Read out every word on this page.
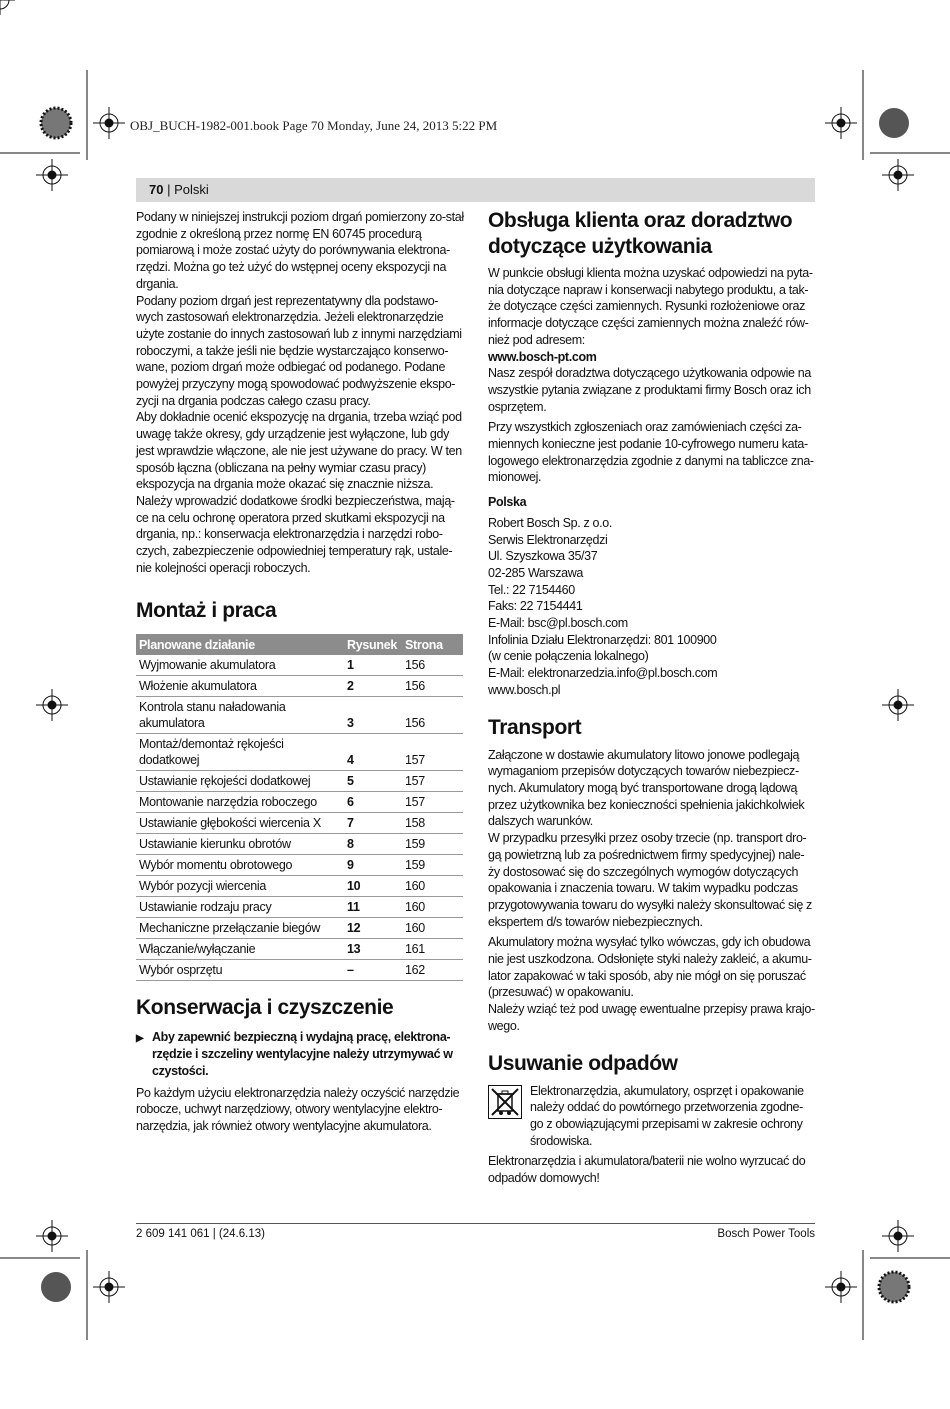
OBJ_BUCH-1982-001.book Page 70 Monday, June 24, 2013 5:22 PM
70 | Polski

Podany w niniejszej instrukcji poziom drgań pomierzony zo-stał zgodnie z określoną przez normę EN 60745 procedurą pomiarową i może zostać użyty do porównywania elektrona-rzędzi. Można go też użyć do wstępnej oceny ekspozycji na drgania.

Podany poziom drgań jest reprezentatywny dla podstawo-wych zastosowań elektronarzędzia. Jeżeli elektronarzędzie użyte zostanie do innych zastosowań lub z innymi narzędziami roboczymi, a także jeśli nie będzie wystarczająco konserwo-wane, poziom drgań może odbiegać od podanego. Podane powyżej przyczyny mogą spowodować podwyższenie ekspo-zycji na drgania podczas całego czasu pracy.

Aby dokładnie ocenić ekspozycję na drgania, trzeba wziąć pod uwagę także okresy, gdy urządzenie jest wyłączone, lub gdy jest wprawdzie włączone, ale nie jest używane do pracy. W ten sposób łączna (obliczana na pełny wymiar czasu pracy) ekspozycja na drgania może okazać się znacznie niższa.

Należy wprowadzić dodatkowe środki bezpieczeństwa, mają-ce na celu ochronę operatora przed skutkami ekspozycji na drgania, np.: konserwacja elektronarzędzia i narzędzi robo-czych, zabezpieczenie odpowiedniej temperatury rąk, ustale-nie kolejności operacji roboczych.

Montaż i praca
Planowane działanie	Rysunek	Strona
Wyjmowanie akumulatora	1	156
Włożenie akumulatora	2	156
Kontrola stanu naładowania akumulatora	3	156
Montaż/demontaż rękojeści dodatkowej	4	157
Ustawianie rękojeści dodatkowej	5	157
Montowanie narzędzia roboczego	6	157
Ustawianie głębokości wiercenia X	7	158
Ustawianie kierunku obrotów	8	159
Wybór momentu obrotowego	9	159
Wybór pozycji wiercenia	10	160
Ustawianie rodzaju pracy	11	160
Mechaniczne przełączanie biegów	12	160
Włączanie/wyłączanie	13	161
Wybór osprzętu	–	162
Konserwacja i czyszczenie
▶ Aby zapewnić bezpieczną i wydajną pracę, elektrona-rzędzie i szczeliny wentylacyjne należy utrzymywać w czystości.

Po każdym użyciu elektronarzędzia należy oczyścić narzędzie robocze, uchwyt narzędziowy, otwory wentylacyjne elektro-narzędzia, jak również otwory wentylacyjne akumulatora.

Obsługa klienta oraz doradztwo dotyczące użytkowania

W punkcie obsługi klienta można uzyskać odpowiedzi na pyta-nia dotyczące napraw i konserwacji nabytego produktu, a tak-że dotyczące części zamiennych. Rysunki rozłożeniowe oraz informacje dotyczące części zamiennych można znaleźć rów-nież pod adresem:

www.bosch-pt.com

Nasz zespół doradztwa dotyczącego użytkowania odpowie na wszystkie pytania związane z produktami firmy Bosch oraz ich osprzętem.

Przy wszystkich zgłoszeniach oraz zamówieniach części za-miennych konieczne jest podanie 10-cyfrowego numeru kata-logowego elektronarzędzia zgodnie z danymi na tabliczce zna-mionowej.

Polska
Robert Bosch Sp. z o.o.
Serwis Elektronarzędzi
Ul. Szyszkowa 35/37
02-285 Warszawa
Tel.: 22 7154460
Faks: 22 7154441
E-Mail: bsc@pl.bosch.com
Infolinia Działu Elektronarzędzi: 801 100900
(w cenie połączenia lokalnego)
E-Mail: elektronarzedzia.info@pl.bosch.com
www.bosch.pl
Transport

Załączone w dostawie akumulatory litowo jonowe podlegają wymaganiom przepisów dotyczących towarów niebezpiecz-nych. Akumulatory mogą być transportowane drogą lądową przez użytkownika bez konieczności spełnienia jakichkolwiek dalszych warunków.

W przypadku przesyłki przez osoby trzecie (np. transport dro-gą powietrzną lub za pośrednictwem firmy spedycyjnej) nale-ży dostosować się do szczególnych wymogów dotyczących opakowania i znaczenia towaru. W takim wypadku podczas przygotowywania towaru do wysyłki należy skonsultować się z ekspertem d/s towarów niebezpiecznych.

Akumulatory można wysyłać tylko wówczas, gdy ich obudowa nie jest uszkodzona. Odsłonięte styki należy zakleić, a akumu-lator zapakować w taki sposób, aby nie mógł on się poruszać (przesuwać) w opakowaniu.

Należy wziąć też pod uwagę ewentualne przepisy prawa krajo-wego.

Usuwanie odpadów

Elektronarzędzia, akumulatory, osprzęt i opakowanie należy oddać do powtórnego przetworzenia zgodne-go z obowiązującymi przepisami w zakresie ochrony środowiska.

Elektronarzędzia i akumulatora/baterii nie wolno wyrzucać do odpadów domowych!

2 609 141 061 | (24.6.13)	Bosch Power Tools
